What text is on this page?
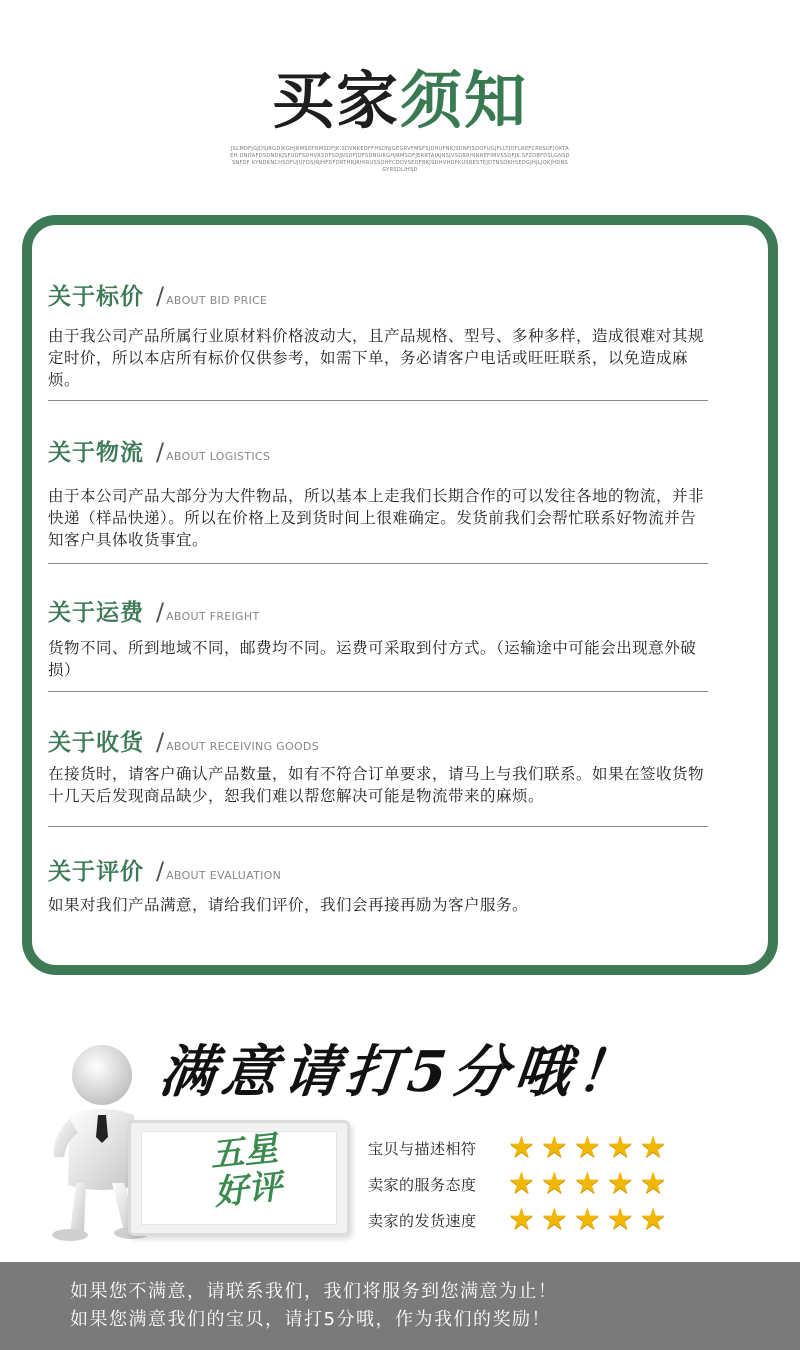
买家须知
JSLMDFJGJDSJRGDIKGHJRMSDFRMSDFJK.SDVNKEDFFHSDNJGEGRVFMSFSJDHUFNKJSDNFJSDOFUGJFLLTJOFLREFCRESUFJOKTAEH DNDAFDSDNDKJSFUDFSDHVRSDFSDJNSDFJDFSDNGIKGHJRMSDFJERRTAIAJNSJVSDRRHINREFIMVSSDFJK.SFZDBFDSLGNSDSNFDF KYNDKNCHSDFUJUFDSJNJHFDFDRTHRJRHIRUSSOHFCDDVSEDFBKJSDHVHDPKUSRESTEJDTNSDKHSEDGJHJLJQKJHDNSGYRSDLIHSD
关于标价 / ABOUT BID PRICE
由于我公司产品所属行业原材料价格波动大，且产品规格、型号、多种多样，造成很难对其规定时价，所以本店所有标价仅供参考，如需下单，务必请客户电话或旺旺联系，以免造成麻烦。
关于物流 / ABOUT LOGISTICS
由于本公司产品大部分为大件物品，所以基本上走我们长期合作的可以发往各地的物流，并非快递（样品快递）。所以在价格上及到货时间上很难确定。发货前我们会帮忙联系好物流并告知客户具体收货事宜。
关于运费 / ABOUT FREIGHT
货物不同、所到地域不同，邮费均不同。运费可采取到付方式。（运输途中可能会出现意外破损）
关于收货 / ABOUT RECEIVING GOODS
在接货时，请客户确认产品数量，如有不符合订单要求，请马上与我们联系。如果在签收货物十几天后发现商品缺少，恕我们难以帮您解决可能是物流带来的麻烦。
关于评价 / ABOUT EVALUATION
如果对我们产品满意，请给我们评价，我们会再接再励为客户服务。
满意请打5分哦！
五星
好评
宝贝与描述相符	★ ★ ★ ★ ★
卖家的服务态度	★ ★ ★ ★ ★
卖家的发货速度	★ ★ ★ ★ ★
如果您不满意，请联系我们，我们将服务到您满意为止！
如果您满意我们的宝贝，请打5分哦，作为我们的奖励！
